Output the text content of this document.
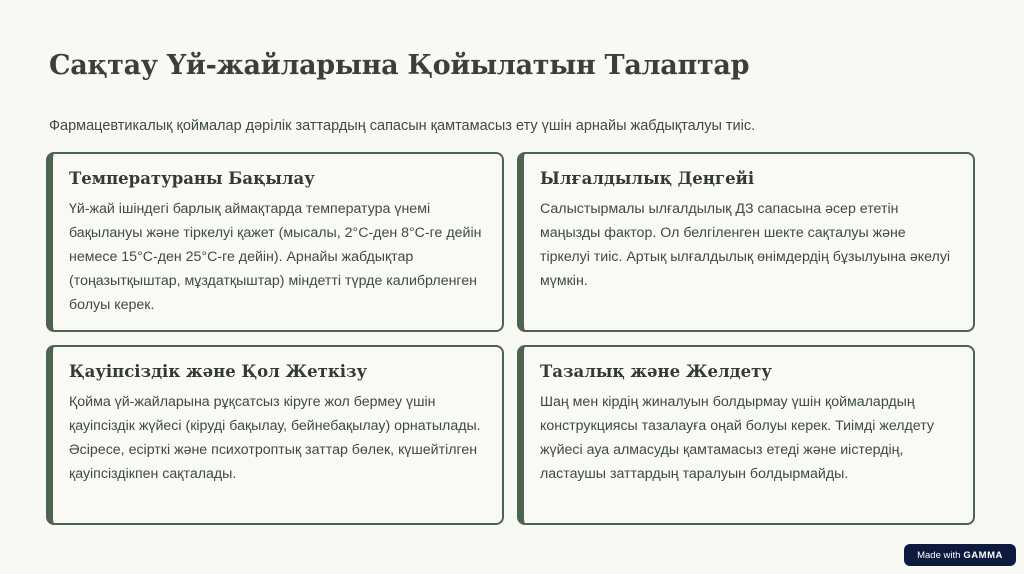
Сақтау Үй-жайларына Қойылатын Талаптар

Фармацевтикалық қоймалар дәрілік заттардың сапасын қамтамасыз ету үшін арнайы жабдықталуы тиіс.

Температураны Бақылау
Үй-жай ішіндегі барлық аймақтарда температура үнемі бақылануы және тіркелуі қажет (мысалы, 2°C-ден 8°C-ге дейін немесе 15°C-ден 25°C-ге дейін). Арнайы жабдықтар (тоңазытқыштар, мұздатқыштар) міндетті түрде калибрленген болуы керек.
Ылғалдылық Деңгейі
Салыстырмалы ылғалдылық ДЗ сапасына әсер ететін маңызды фактор. Ол белгіленген шекте сақталуы және тіркелуі тиіс. Артық ылғалдылық өнімдердің бұзылуына әкелуі мүмкін.
Қауіпсіздік және Қол Жеткізу
Қойма үй-жайларына рұқсатсыз кіруге жол бермеу үшін қауіпсіздік жүйесі (кіруді бақылау, бейнебақылау) орнатылады. Әсіресе, есірткі және психотроптық заттар бөлек, күшейтілген қауіпсіздікпен сақталады.
Тазалық және Желдету
Шаң мен кірдің жиналуын болдырмау үшін қоймалардың конструкциясы тазалауға оңай болуы керек. Тиімді желдету жүйесі ауа алмасуды қамтамасыз етеді және иістердің, ластаушы заттардың таралуын болдырмайды.
Made with GAMMA
